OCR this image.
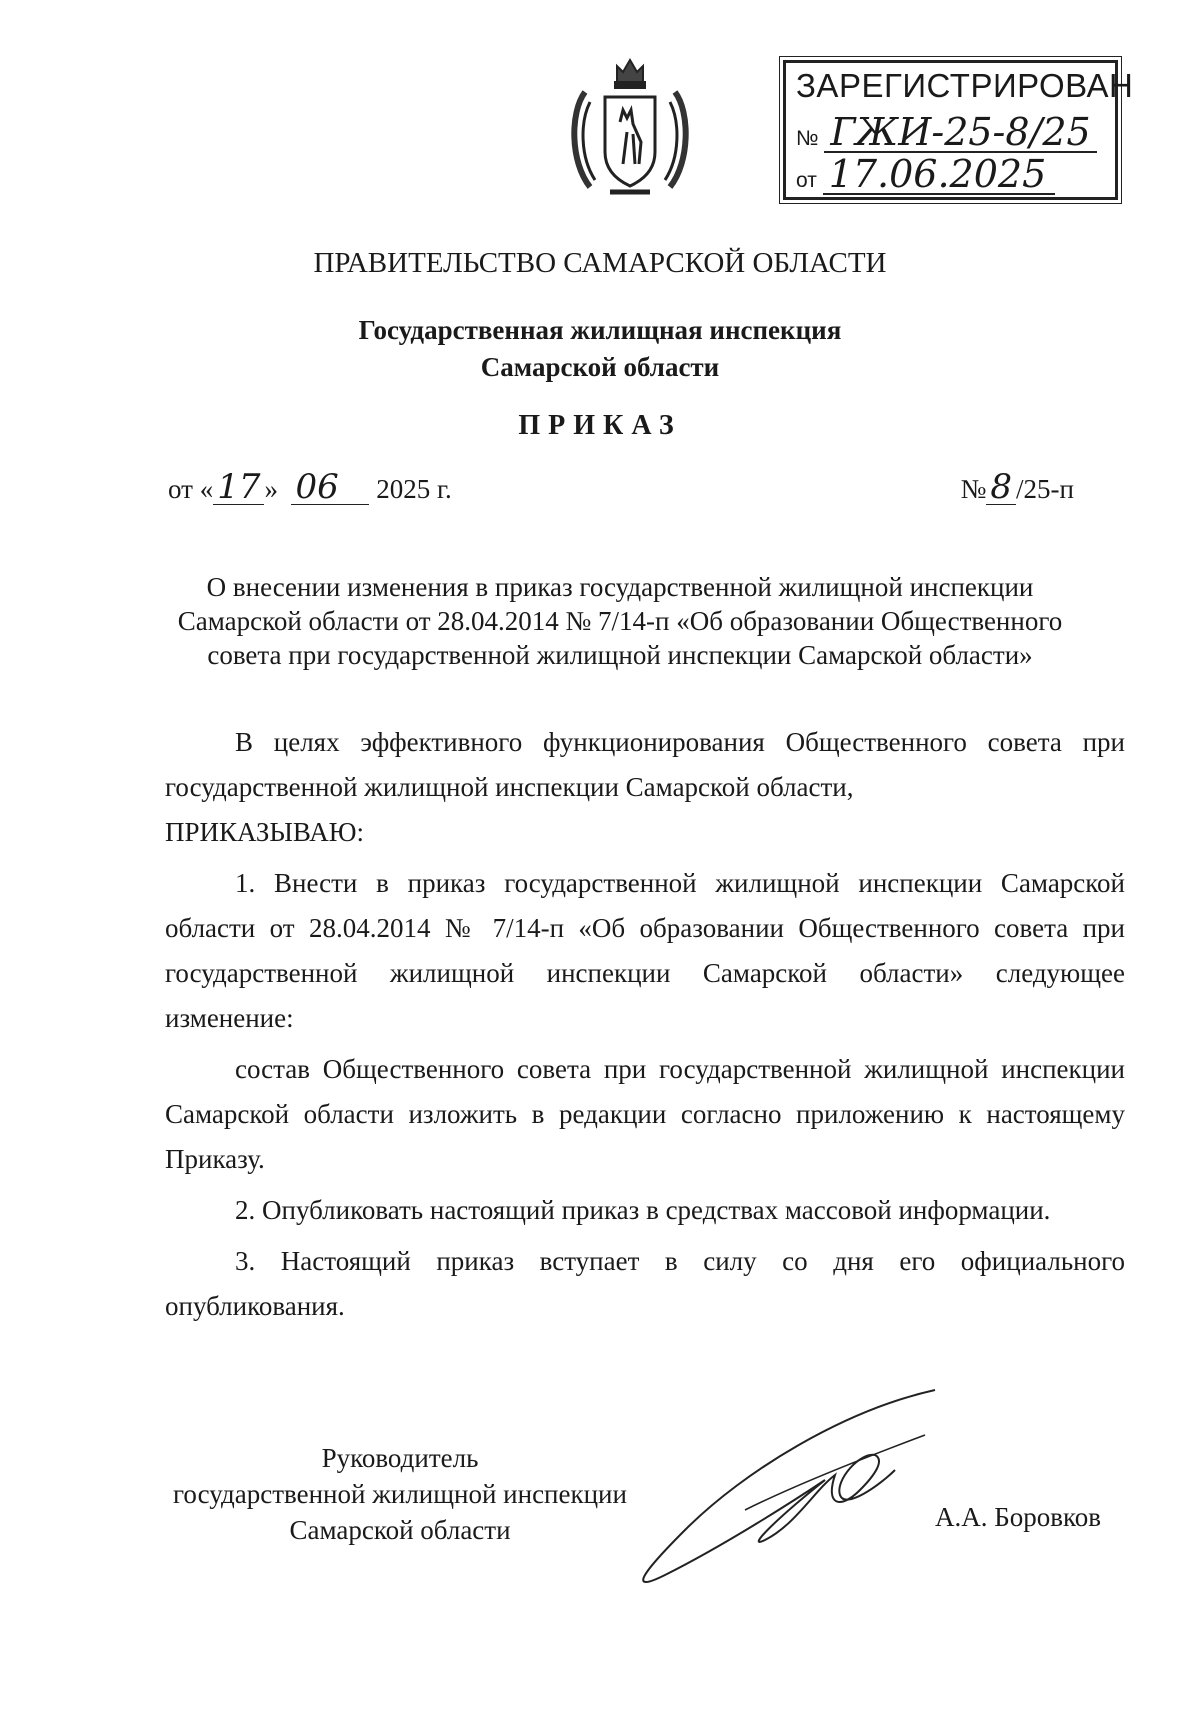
ЗАРЕГИСТРИРОВАН
№ ГЖИ-25-8/25
от 17.06.2025
ПРАВИТЕЛЬСТВО САМАРСКОЙ ОБЛАСТИ
Государственная жилищная инспекция
Самарской области
ПРИКАЗ
от « 17 » 06 2025 г.	№ 8 /25-п
О внесении изменения в приказ государственной жилищной инспекции
Самарской области от 28.04.2014 № 7/14-п «Об образовании Общественного
совета при государственной жилищной инспекции Самарской области»

В целях эффективного функционирования Общественного совета при государственной жилищной инспекции Самарской области,

ПРИКАЗЫВАЮ:

1. Внести в приказ государственной жилищной инспекции Самарской области от 28.04.2014 № 7/14-п «Об образовании Общественного совета при государственной жилищной инспекции Самарской области» следующее изменение:

состав Общественного совета при государственной жилищной инспекции Самарской области изложить в редакции согласно приложению к настоящему Приказу.

2. Опубликовать настоящий приказ в средствах массовой информации.

3. Настоящий приказ вступает в силу со дня его официального опубликования.

Руководитель
государственной жилищной инспекции
Самарской области	А.А. Боровков
